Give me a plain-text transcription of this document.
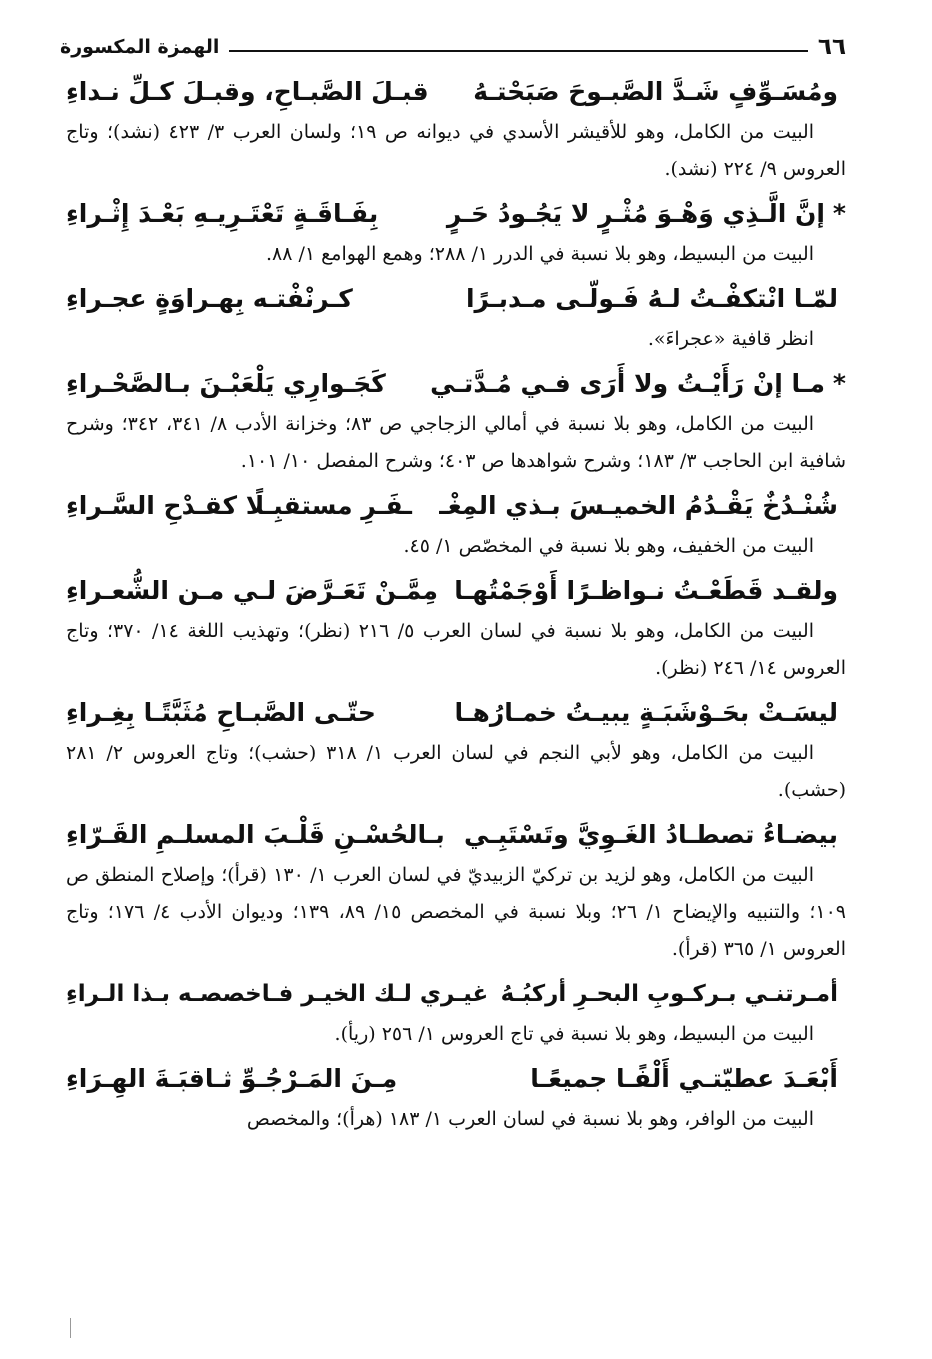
الهمزة المكسورة	٦٦
ومُسَـوِّفٍ شَـدَّ الصَّبـوحَ صَبَحْتـهُ
قبـلَ الصَّبـاحِ، وقبـلَ كـلِّ نـداءِ

البيت من الكامل، وهو للأقيشر الأسدي في ديوانه ص ١٩؛ ولسان العرب ٣/ ٤٢٣ (نشد)؛ وتاج العروس ٩/ ٢٢٤ (نشد).

*إنَّ الَّـذِي وَهْـوَ مُثْـرٍ لا يَجُـودُ حَـرٍ
بِفَـاقَـةٍ تَعْتَـرِيـهِ بَعْـدَ إِثْـراءِ

البيت من البسيط، وهو بلا نسبة في الدرر ١/ ٢٨٨؛ وهمع الهوامع ١/ ٨٨.

لمّـا انْتكفْـتُ لـهُ فَـولّـى مـدبـرًا
كـرنْفْتـه بِهـراوَةٍ عجـراءِ

انظر قافية «عجراءَ».

*مـا إنْ رَأَيْـتُ ولا أَرَى فـي مُـدَّتـي
كَجَـوارِي يَلْعَبْـنَ بـالصَّحْـراءِ

البيت من الكامل، وهو بلا نسبة في أمالي الزجاجي ص ٨٣؛ وخزانة الأدب ٨/ ٣٤١، ٣٤٢؛ وشرح شافية ابن الحاجب ٣/ ١٨٣؛ وشرح شواهدها ص ٤٠٣؛ وشرح المفصل ١٠/ ١٠١.

شُنْـدُخٌ يَقْـدُمُ الخميـسَ بـذي المِغْـ
ـفَـرِ مستقبِـلًا كقـدْحِ السَّـراءِ

البيت من الخفيف، وهو بلا نسبة في المخصّص ١/ ٤٥.

ولقـد قَطَعْـتُ نـواظـرًا أَوْجَمْتُهـا
مِمَّـنْ تَعَـرَّضَ لـي مـن الشُّعـراءِ

البيت من الكامل، وهو بلا نسبة في لسان العرب ٥/ ٢١٦ (نظر)؛ وتهذيب اللغة ١٤/ ٣٧٠؛ وتاج العروس ١٤/ ٢٤٦ (نظر).

ليسَـتْ بحَـوْشَبَـةٍ يبيـتُ خمـارُهـا
حتّـى الصَّبـاحِ مُثَبَّتًـا بِغِـراءِ

البيت من الكامل، وهو لأبي النجم في لسان العرب ١/ ٣١٨ (حشب)؛ وتاج العروس ٢/ ٢٨١ (حشب).

بيضـاءُ تصطـادُ الغَـوِيَّ وتَسْتَبِـي
بـالحُسْـنِ قَلْـبَ المسلـمِ القَـرّاءِ

البيت من الكامل، وهو لزيد بن تركيّ الزبيديّ في لسان العرب ١/ ١٣٠ (قرأ)؛ وإصلاح المنطق ص ١٠٩؛ والتنبيه والإيضاح ١/ ٢٦؛ وبلا نسبة في المخصص ١٥/ ٨٩، ١٣٩؛ وديوان الأدب ٤/ ١٧٦؛ وتاج العروس ١/ ٣٦٥ (قرأ).

أمـرتنـي بـركـوبِ البحـرِ أركبُـهُ
غيـري لـك الخيـر فـاخصصـه بـذا الـراءِ

البيت من البسيط، وهو بلا نسبة في تاج العروس ١/ ٢٥٦ (ريأ).

أَبْعَـدَ عطيّتـي أَلْفًـا جميعًـا
مِـنَ المَـرْجُـوِّ ثـاقبَـةَ الهِـرَاءِ

البيت من الوافر، وهو بلا نسبة في لسان العرب ١/ ١٨٣ (هرأ)؛ والمخصص
